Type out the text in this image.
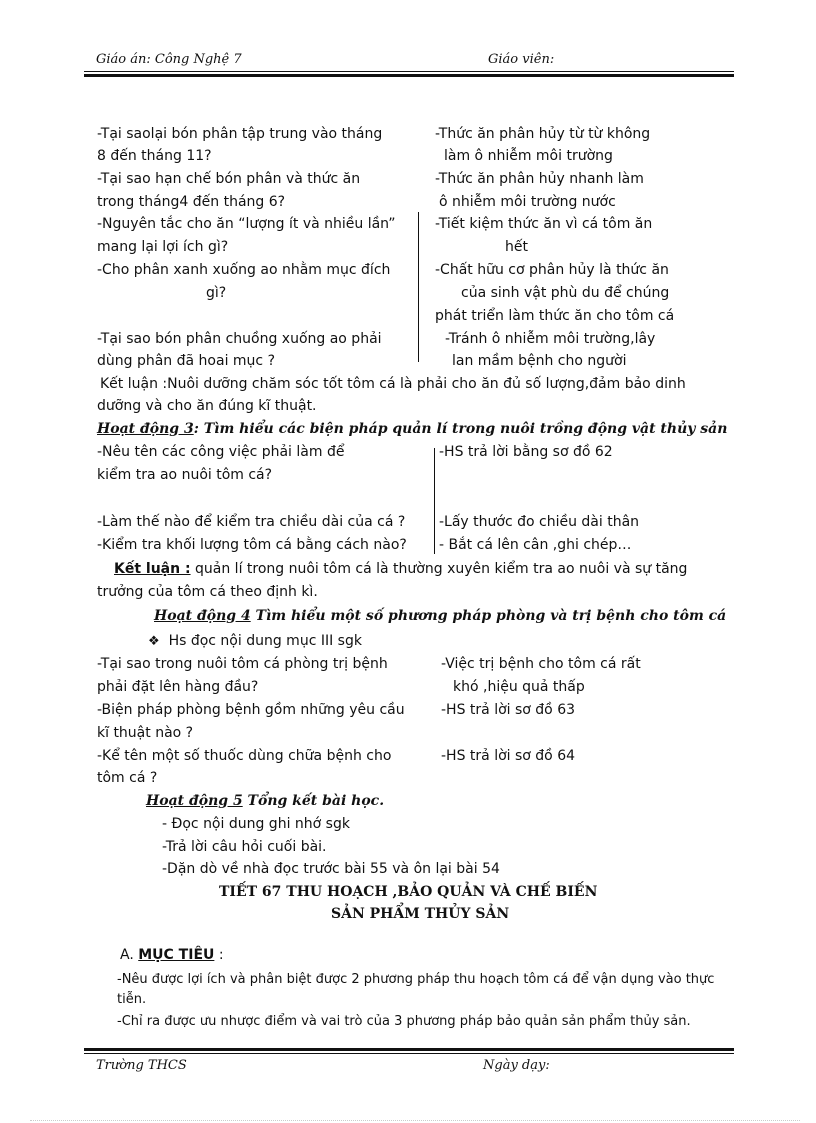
Giáo án: Công Nghệ 7	Giáo viên:
-Tại saolại bón phân tập trung vào tháng
8 đến tháng 11?
-Tại sao hạn chế bón phân và thức ăn
trong tháng4 đến tháng 6?
-Nguyên tắc cho ăn “lượng ít và nhiều lần”
mang lại lợi ích gì?
-Cho phân xanh xuống ao nhằm mục đích
gì?
-Tại sao bón phân chuồng xuống ao phải
dùng phân đã hoai mục ?
-Thức ăn phân hủy từ từ không
làm ô nhiễm môi trường
-Thức ăn phân hủy nhanh làm
ô nhiễm môi trường nước
-Tiết kiệm thức ăn vì cá tôm ăn
hết
-Chất hữu cơ phân hủy là thức ăn
của sinh vật phù du để chúng
phát triển làm thức ăn cho tôm cá
-Tránh ô nhiễm môi trường,lây
lan mầm bệnh cho người
Kết luận :Nuôi dưỡng chăm sóc tốt tôm cá là phải cho ăn đủ số lượng,đảm bảo dinh
dưỡng và cho ăn đúng kĩ thuật.
Hoạt động 3: Tìm hiểu các biện pháp quản lí trong nuôi trồng động vật thủy sản
-Nêu tên các công việc phải làm để
kiểm tra ao nuôi tôm cá?
-Làm thế nào để kiểm tra chiều dài của cá ?
-Kiểm tra khối lượng tôm cá bằng cách nào?
-HS trả lời bằng sơ đồ 62
-Lấy thước đo chiều dài thân
- Bắt cá lên cân ,ghi chép…
Kết luận : quản lí trong nuôi tôm cá là thường xuyên kiểm tra ao nuôi và sự tăng
trưởng của tôm cá theo định kì.
Hoạt động 4 Tìm hiểu một số phương pháp phòng và trị bệnh cho tôm cá
❖ Hs đọc nội dung mục III sgk
-Tại sao trong nuôi tôm cá phòng trị bệnh
phải đặt lên hàng đầu?
-Biện pháp phòng bệnh gồm những yêu cầu
kĩ thuật nào ?
-Kể tên một số thuốc dùng chữa bệnh cho
tôm cá ?
-Việc trị bệnh cho tôm cá rất
khó ,hiệu quả thấp
-HS trả lời sơ đồ 63
-HS trả lời sơ đồ 64
Hoạt động 5 Tổng kết bài học.
- Đọc nội dung ghi nhớ sgk
-Trả lời câu hỏi cuối bài.
-Dặn dò về nhà đọc trước bài 55 và ôn lại bài 54
TIẾT 67 THU HOẠCH ,BẢO QUẢN VÀ CHẾ BIẾN
SẢN PHẨM THỦY SẢN
A. MỤC TIÊU :
-Nêu được lợi ích và phân biệt được 2 phương pháp thu hoạch tôm cá để vận dụng vào thực
tiễn.
-Chỉ ra được ưu nhược điểm và vai trò của 3 phương pháp bảo quản sản phẩm thủy sản.
Trường THCS	Ngày dạy:
